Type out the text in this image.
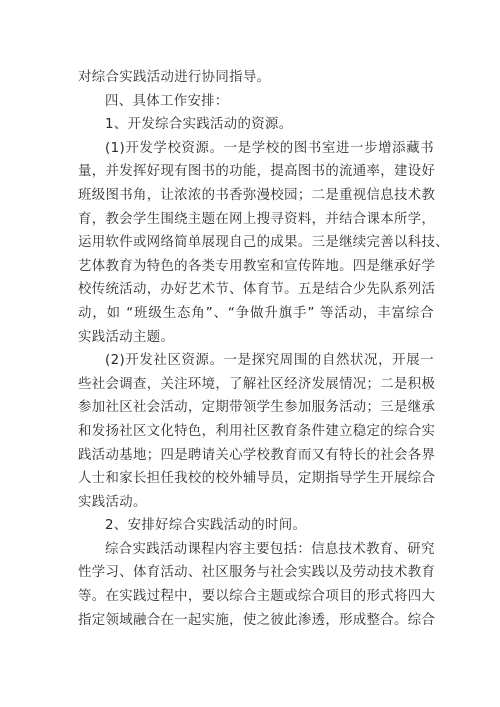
对综合实践活动进行协同指导。
四、具体工作安排：
1、开发综合实践活动的资源。
(1)开发学校资源。一是学校的图书室进一步增添藏书
量，并发挥好现有图书的功能，提高图书的流通率，建设好
班级图书角，让浓浓的书香弥漫校园；二是重视信息技术教
育，教会学生围绕主题在网上搜寻资料，并结合课本所学，
运用软件或网络简单展现自己的成果。三是继续完善以科技、
艺体教育为特色的各类专用教室和宣传阵地。四是继承好学
校传统活动，办好艺术节、体育节。五是结合少先队系列活
动，如 “班级生态角”、“争做升旗手” 等活动，丰富综合
实践活动主题。
(2)开发社区资源。一是探究周围的自然状况，开展一
些社会调查，关注环境，了解社区经济发展情况；二是积极
参加社区社会活动，定期带领学生参加服务活动；三是继承
和发扬社区文化特色，利用社区教育条件建立稳定的综合实
践活动基地；四是聘请关心学校教育而又有特长的社会各界
人士和家长担任我校的校外辅导员，定期指导学生开展综合
实践活动。
2、安排好综合实践活动的时间。
综合实践活动课程内容主要包括：信息技术教育、研究
性学习、体育活动、社区服务与社会实践以及劳动技术教育
等。在实践过程中，要以综合主题或综合项目的形式将四大
指定领域融合在一起实施，使之彼此渗透，形成整合。综合
